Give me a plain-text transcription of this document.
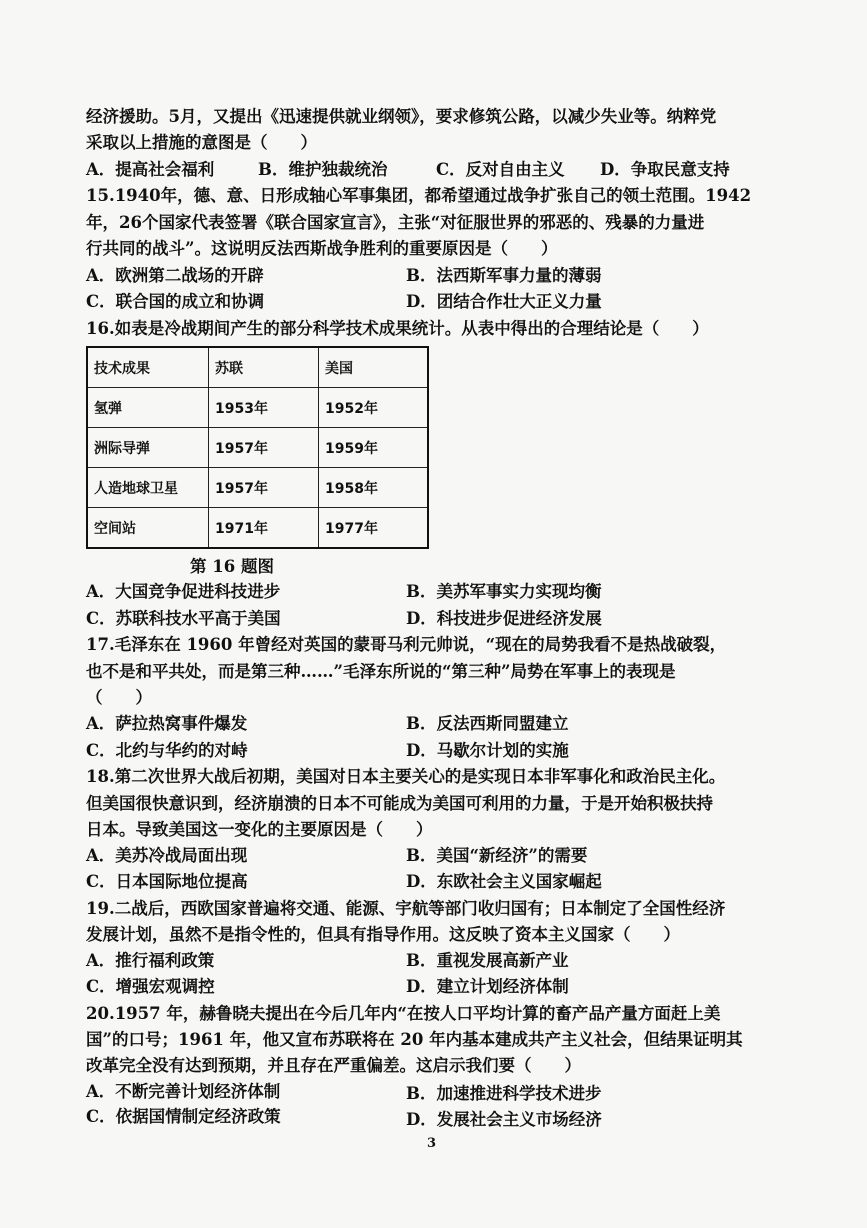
经济援助。5月，又提出《迅速提供就业纲领》，要求修筑公路，以减少失业等。纳粹党
采取以上措施的意图是（　　）
A．提高社会福利	B．维护独裁统治	C．反对自由主义 D．争取民意支持
15.1940年，德、意、日形成轴心军事集团，都希望通过战争扩张自己的领土范围。1942
年，26个国家代表签署《联合国家宣言》，主张“对征服世界的邪恶的、残暴的力量进
行共同的战斗”。这说明反法西斯战争胜利的重要原因是（　　）
A．欧洲第二战场的开辟	B．法西斯军事力量的薄弱
C．联合国的成立和协调	D．团结合作壮大正义力量
16.如表是冷战期间产生的部分科学技术成果统计。从表中得出的合理结论是（　　）
技术成果	苏联	美国
氢弹	1953年	1952年
洲际导弹	1957年	1959年
人造地球卫星	1957年	1958年
空间站	1971年	1977年
第 16 题图
A．大国竞争促进科技进步	B．美苏军事实力实现均衡
C．苏联科技水平高于美国	D．科技进步促进经济发展
17.毛泽东在 1960 年曾经对英国的蒙哥马利元帅说，“现在的局势我看不是热战破裂，
也不是和平共处，而是第三种……”毛泽东所说的“第三种”局势在军事上的表现是
（　　）
A．萨拉热窝事件爆发	B．反法西斯同盟建立
C．北约与华约的对峙	D．马歇尔计划的实施
18.第二次世界大战后初期，美国对日本主要关心的是实现日本非军事化和政治民主化。
但美国很快意识到，经济崩溃的日本不可能成为美国可利用的力量，于是开始积极扶持
日本。导致美国这一变化的主要原因是（　　）
A．美苏冷战局面出现	B．美国“新经济”的需要
C．日本国际地位提高	D．东欧社会主义国家崛起
19.二战后，西欧国家普遍将交通、能源、宇航等部门收归国有；日本制定了全国性经济
发展计划，虽然不是指令性的，但具有指导作用。这反映了资本主义国家（　　）
A．推行福利政策	B．重视发展高新产业
C．增强宏观调控	D．建立计划经济体制
20.1957 年，赫鲁晓夫提出在今后几年内“在按人口平均计算的畜产品产量方面赶上美
国”的口号；1961 年，他又宣布苏联将在 20 年内基本建成共产主义社会，但结果证明其
改革完全没有达到预期，并且存在严重偏差。这启示我们要（　　）
A．不断完善计划经济体制	B．加速推进科学技术进步
C．依据国情制定经济政策	D．发展社会主义市场经济
3
